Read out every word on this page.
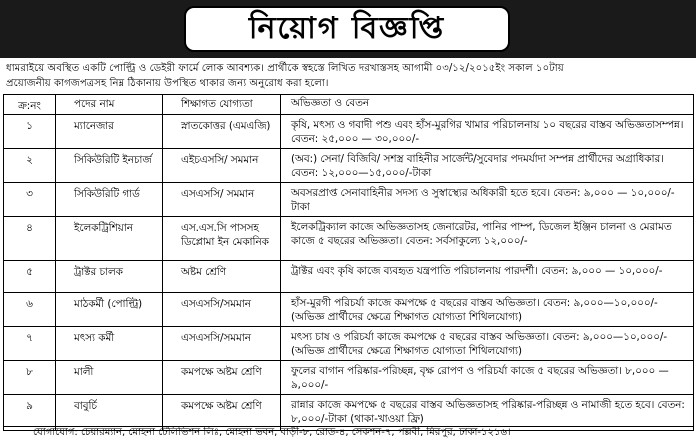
নিয়োগ বিজ্ঞপ্তি
ধামরাইয়ে অবস্থিত একটি পোল্ট্রি ও ডেইরী ফার্মে লোক আবশ্যক। প্রার্থীকে স্বহস্তে লিখিত দরখাস্তসহ আগামী ০৩/১২/২০১৫ইং সকাল ১০টায়
প্রয়োজনীয় কাগজপত্রসহ নিম্ন ঠিকানায় উপস্থিত থাকার জন্য অনুরোধ করা হলো।
ক্র:নং	পদের নাম	শিক্ষাগত যোগ্যতা	অভিজ্ঞতা ও বেতন

১	ম্যানেজার	স্নাতকোত্তর (এমএজি)	কৃষি, মৎস্য ও গবাদী পশু এবং হাঁস-মুরগির খামার পরিচালনায় ১০ বছরের বাস্তব অভিজ্ঞতাসম্পন্ন। বেতন: ২৫,০০০ — ৩০,০০০/-

২	সিকিউরিটি ইনচার্জ	এইচএসসি/ সমমান	(অব:) সেনা/ বিজিবি/ সশস্ত্র বাহিনীর সার্জেন্ট/সুবেদার পদমর্যাদা সম্পন্ন প্রার্থীদের অগ্রাধিকার। বেতন: ১২,০০০—১৫,০০০/-টাকা

৩	সিকিউরিটি গার্ড	এসএসসি/ সমমান	অবসরপ্রাপ্ত সেনাবাহিনীর সদস্য ও সুস্বাস্থ্যের অধিকারী হতে হবে। বেতন: ৯,০০০ — ১০,০০০/-টাকা

৪	ইলেকট্রিশিয়ান	এস.এস.সি পাসসহ ডিপ্লোমা ইন মেকানিক	ইলেকট্রিক্যাল কাজে অভিজ্ঞতাসহ জেনারেটর, পানির পাম্প, ডিজেল ইঞ্জিন চালনা ও মেরামত কাজে ৫ বছরের অভিজ্ঞতা। বেতন: সর্বসাকুল্যে ১২,০০০/-

৫	ট্রাক্টর চালক	অষ্টম শ্রেণি	ট্রাক্টর এবং কৃষি কাজে ব্যবহৃত যন্ত্রপাতি পরিচালনায় পারদর্শী। বেতন: ৯,০০০ — ১০,০০০/-

৬	মাঠকর্মী (পোল্ট্রি)	এসএসসি/সমমান	হাঁস-মুরগী পরিচর্যা কাজে কমপক্ষে ৫ বছরের বাস্তব অভিজ্ঞতা। বেতন: ৯,০০০—১০,০০০/-(অভিজ্ঞ প্রার্থীদের ক্ষেত্রে শিক্ষাগত যোগ্যতা শিথিলযোগ্য)

৭	মৎস্য কর্মী	এসএসসি/সমমান	মৎস্য চাষ ও পরিচর্যা কাজে কমপক্ষে ৫ বছরের বাস্তব অভিজ্ঞতা। বেতন: ৯,০০০—১০,০০০/-(অভিজ্ঞ প্রার্থীদের ক্ষেত্রে শিক্ষাগত যোগ্যতা শিথিলযোগ্য)

৮	মালী	কমপক্ষে অষ্টম শ্রেণি	ফুলের বাগান পরিষ্কার-পরিচ্ছন্ন, বৃক্ষ রোপণ ও পরিচর্যা কাজে ৫ বছরের অভিজ্ঞতা। ৮,০০০ — ৯,০০০/-

৯	বাবুর্চি	কমপক্ষে অষ্টম শ্রেণি	রান্নার কাজে কমপক্ষে ৫ বছরের বাস্তব অভিজ্ঞতাসহ পরিষ্কার-পরিচ্ছন্ন ও নামাজী হতে হবে। বেতন: ৮,০০০/-টাকা (থাকা-খাওয়া ফ্রি)
যোগাযোগ: চেয়ারম্যান, মোহনা টেলিভিশন লিঃ, মোহনা ভবন, বাড়ী-৮, রোড-৪, সেকশন-৭, পল্লবী, মিরপুর, ঢাকা-১২১৬।
